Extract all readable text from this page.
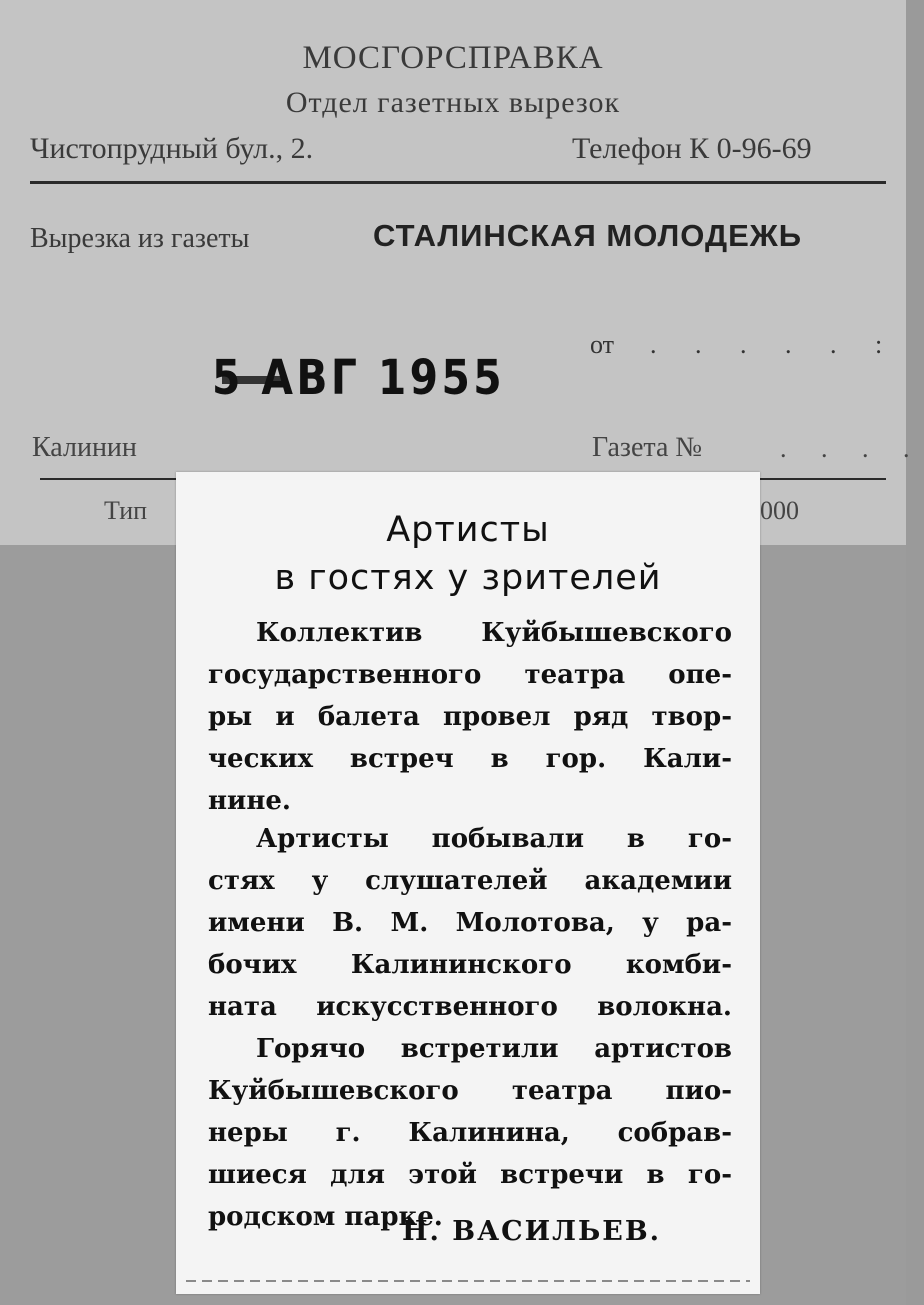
МОСГОРСПРАВКА
Отдел газетных вырезок
Чистопрудный бул., 2.	Телефон К 0-96-69
Вырезка из газеты	СТАЛИНСКАЯ МОЛОДЕЖЬ
от . . . . . :
5 АВГ 1955
Калинин	Газета №	. . . .
Тип	000
Артисты
в гостях у зрителей
Коллектив Куйбышевского
государственного театра опе-
ры и балета провел ряд твор-
ческих встреч в гор. Кали-
нине.
Артисты побывали в го-
стях у слушателей академии
имени В. М. Молотова, у ра-
бочих Калининского комби-
ната искусственного волокна.
Горячо встретили артистов
Куйбышевского театра пио-
неры г. Калинина, собрав-
шиеся для этой встречи в го-
родском парке.
Н. ВАСИЛЬЕВ.
